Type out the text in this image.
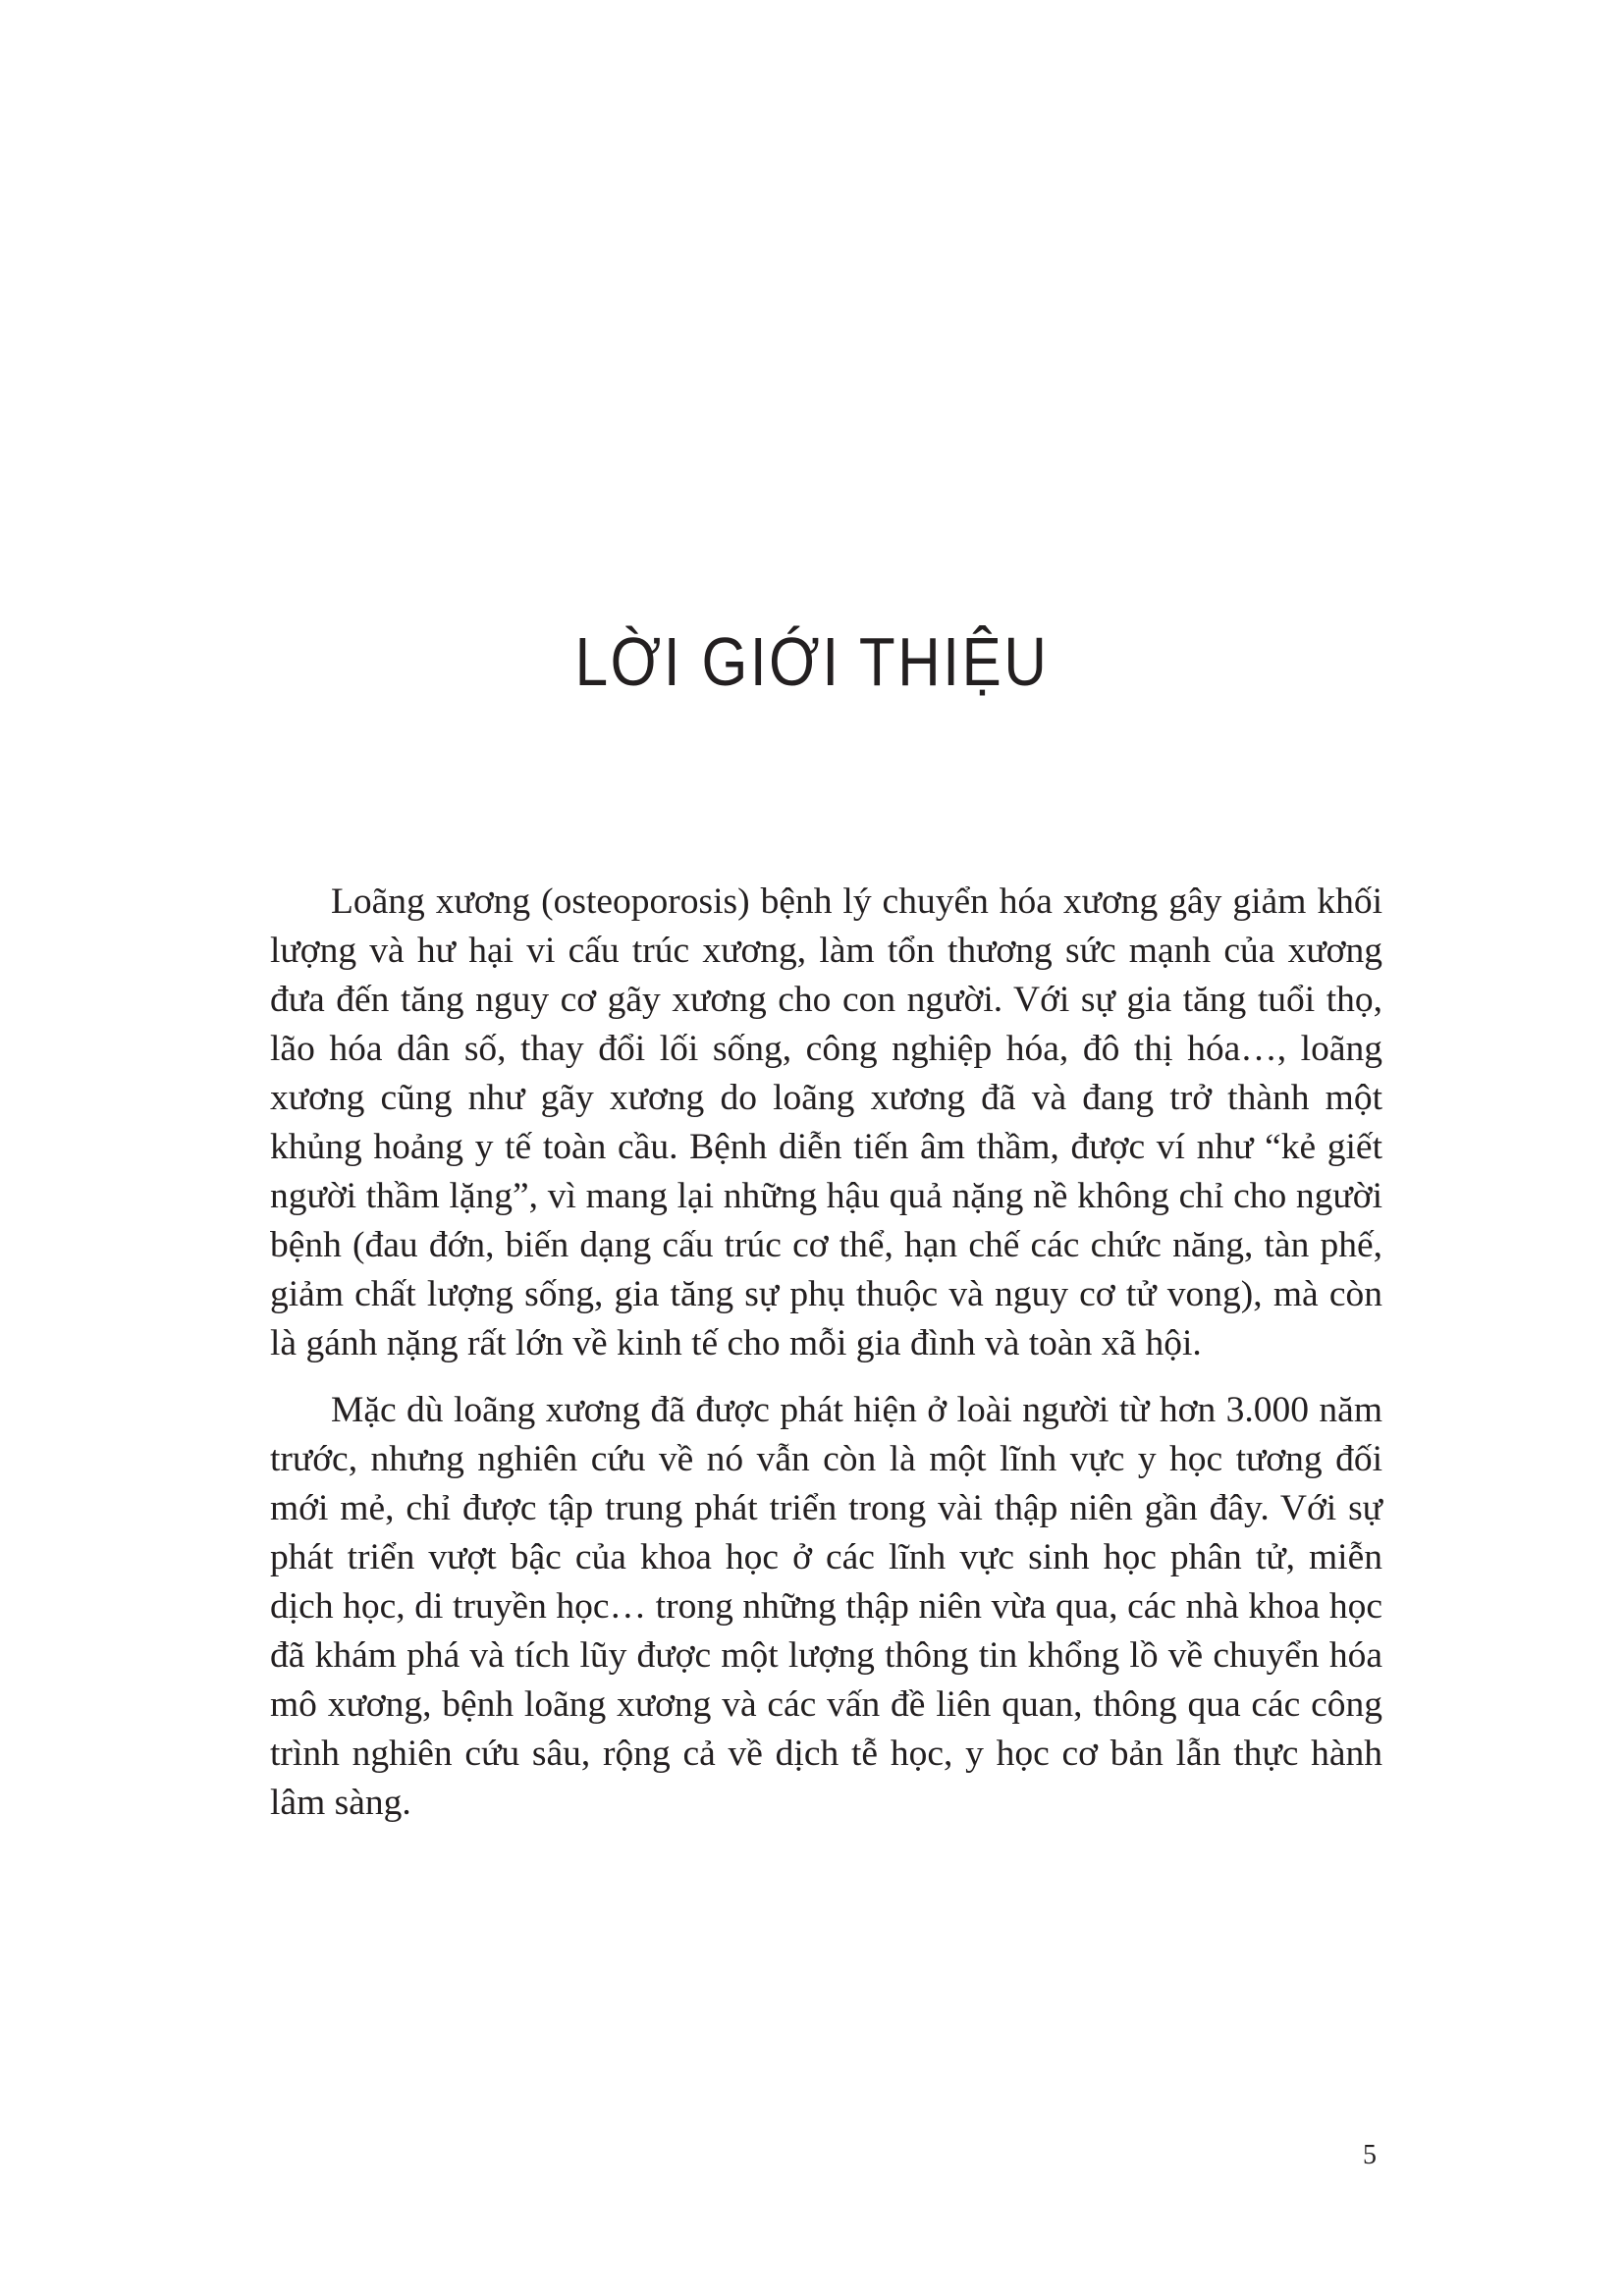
LỜI GIỚI THIỆU

Loãng xương (osteoporosis) bệnh lý chuyển hóa xương gây giảm khối lượng và hư hại vi cấu trúc xương, làm tổn thương sức mạnh của xương đưa đến tăng nguy cơ gãy xương cho con người. Với sự gia tăng tuổi thọ, lão hóa dân số, thay đổi lối sống, công nghiệp hóa, đô thị hóa…, loãng xương cũng như gãy xương do loãng xương đã và đang trở thành một khủng hoảng y tế toàn cầu. Bệnh diễn tiến âm thầm, được ví như “kẻ giết người thầm lặng”, vì mang lại những hậu quả nặng nề không chỉ cho người bệnh (đau đớn, biến dạng cấu trúc cơ thể, hạn chế các chức năng, tàn phế, giảm chất lượng sống, gia tăng sự phụ thuộc và nguy cơ tử vong), mà còn là gánh nặng rất lớn về kinh tế cho mỗi gia đình và toàn xã hội.

Mặc dù loãng xương đã được phát hiện ở loài người từ hơn 3.000 năm trước, nhưng nghiên cứu về nó vẫn còn là một lĩnh vực y học tương đối mới mẻ, chỉ được tập trung phát triển trong vài thập niên gần đây. Với sự phát triển vượt bậc của khoa học ở các lĩnh vực sinh học phân tử, miễn dịch học, di truyền học… trong những thập niên vừa qua, các nhà khoa học đã khám phá và tích lũy được một lượng thông tin khổng lồ về chuyển hóa mô xương, bệnh loãng xương và các vấn đề liên quan, thông qua các công trình nghiên cứu sâu, rộng cả về dịch tễ học, y học cơ bản lẫn thực hành lâm sàng.

5
